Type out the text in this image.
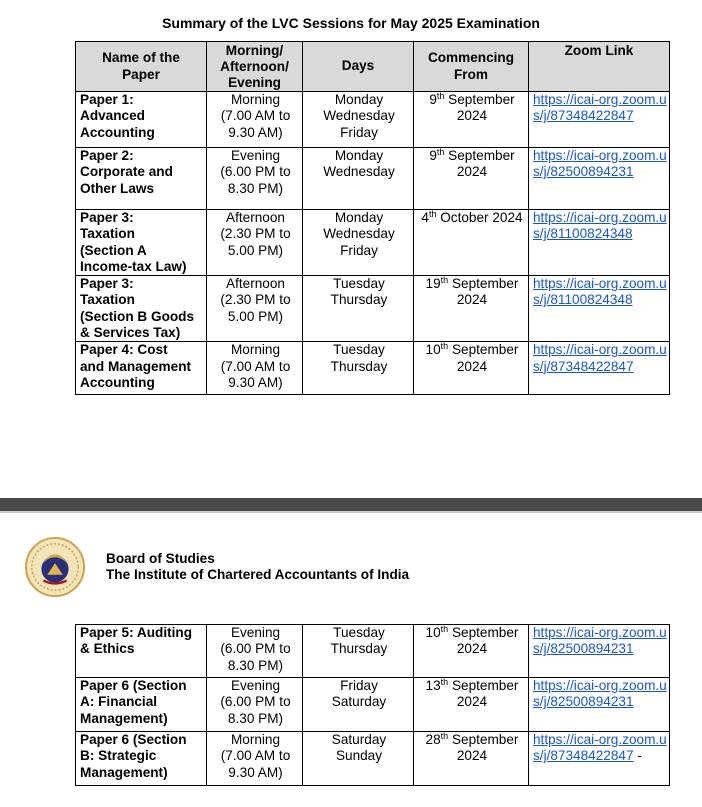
Summary of the LVC Sessions for May 2025 Examination
Name of the
Paper	Morning/
Afternoon/
Evening	Days	Commencing
From	Zoom Link
Paper 1:
Advanced
Accounting	Morning
(7.00 AM to
9.30 AM)	Monday
Wednesday
Friday	9th September
2024	https://icai-org.zoom.us/j/87348422847

Paper 2:
Corporate and
Other Laws	Evening
(6.00 PM to
8.30 PM)	Monday
Wednesday	9th September
2024	https://icai-org.zoom.us/j/82500894231

Paper 3:
Taxation
(Section A
Income-tax Law)	Afternoon
(2.30 PM to
5.00 PM)	Monday
Wednesday
Friday	4th October 2024	https://icai-org.zoom.us/j/81100824348

Paper 3:
Taxation
(Section B Goods
& Services Tax)	Afternoon
(2.30 PM to
5.00 PM)	Tuesday
Thursday	19th September
2024	https://icai-org.zoom.us/j/81100824348

Paper 4: Cost
and Management
Accounting	Morning
(7.00 AM to
9.30 AM)	Tuesday
Thursday	10th September
2024	https://icai-org.zoom.us/j/87348422847
Board of Studies
The Institute of Chartered Accountants of India
Paper 5: Auditing
& Ethics	Evening
(6.00 PM to
8.30 PM)	Tuesday
Thursday	10th September
2024	https://icai-org.zoom.us/j/82500894231

Paper 6 (Section
A: Financial
Management)	Evening
(6.00 PM to
8.30 PM)	Friday
Saturday	13th September
2024	https://icai-org.zoom.us/j/82500894231

Paper 6 (Section
B: Strategic
Management)	Morning
(7.00 AM to
9.30 AM)	Saturday
Sunday	28th September
2024	https://icai-org.zoom.us/j/87348422847 -
